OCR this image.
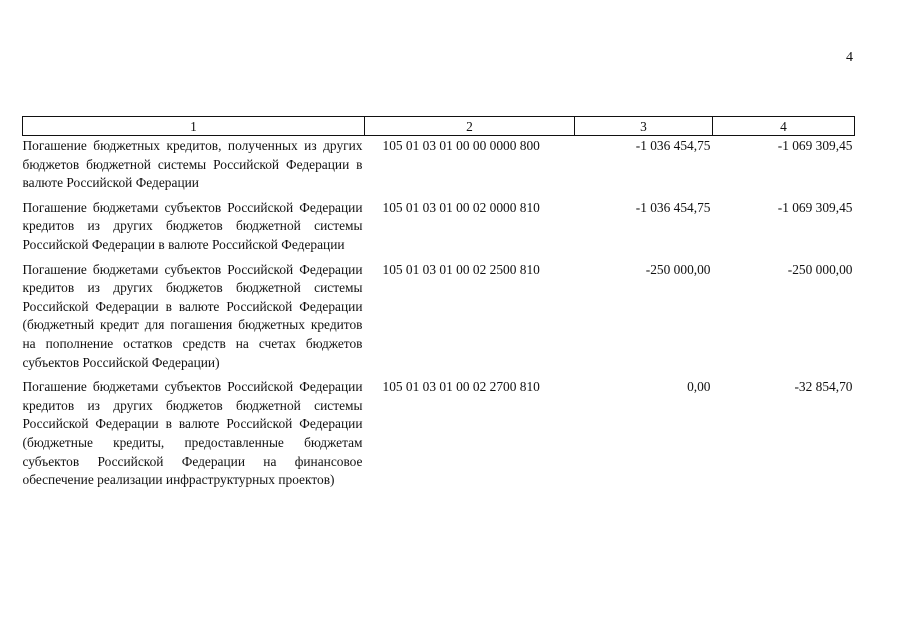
4
1	2	3	4
Погашение бюджетных кредитов, полученных из других бюджетов бюджетной системы Российской Федерации в валюте Российской Федерации	105 01 03 01 00 00 0000 800	-1 036 454,75	-1 069 309,45
Погашение бюджетами субъектов Российской Федерации кредитов из других бюджетов бюджетной системы Российской Федерации в валюте Российской Федерации	105 01 03 01 00 02 0000 810	-1 036 454,75	-1 069 309,45
Погашение бюджетами субъектов Российской Федерации кредитов из других бюджетов бюджетной системы Российской Федерации в валюте Российской Федерации (бюджетный кредит для погашения бюджетных кредитов на пополнение остатков средств на счетах бюджетов субъектов Российской Федерации)	105 01 03 01 00 02 2500 810	-250 000,00	-250 000,00
Погашение бюджетами субъектов Российской Федерации кредитов из других бюджетов бюджетной системы Российской Федерации в валюте Российской Федерации (бюджетные кредиты, предоставленные бюджетам субъектов Российской Федерации на финансовое обеспечение реализации инфраструктурных проектов)	105 01 03 01 00 02 2700 810	0,00	-32 854,70
